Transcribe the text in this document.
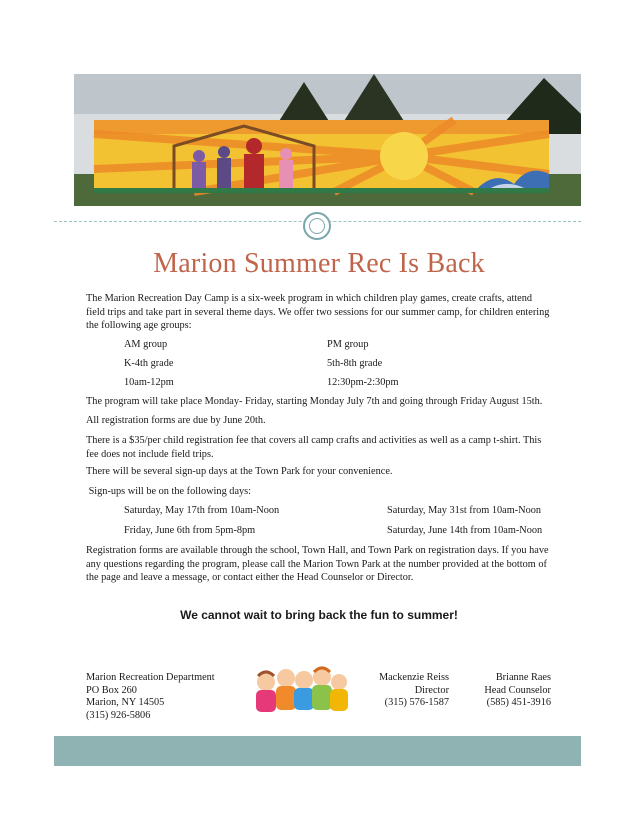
Marion Summer Rec Is Back

The Marion Recreation Day Camp is a six-week program in which children play games, create crafts, attend field trips and take part in several theme days. We offer two sessions for our summer camp, for children entering the following age groups:

AM group	PM group
K-4th grade	5th-8th grade
10am-12pm	12:30pm-2:30pm
The program will take place Monday- Friday, starting Monday July 7th and going through Friday August 15th.
All registration forms are due by June 20th.
There is a $35/per child registration fee that covers all camp crafts and activities as well as a camp t-shirt. This fee does not include field trips.
There will be several sign-up days at the Town Park for your convenience.
Sign-ups will be on the following days:
Saturday, May 17th from 10am-Noon	Saturday, May 31st from 10am-Noon
Friday, June 6th from 5pm-8pm	Saturday, June 14th from 10am-Noon
Registration forms are available through the school, Town Hall, and Town Park on registration days. If you have any questions regarding the program, please call the Marion Town Park at the number provided at the bottom of the page and leave a message, or contact either the Head Counselor or Director.
We cannot wait to bring back the fun to summer!
Marion Recreation Department
PO Box 260
Marion, NY 14505
(315) 926-5806
Mackenzie Reiss
Director
(315) 576-1587
Brianne Raes
Head Counselor
(585) 451-3916
